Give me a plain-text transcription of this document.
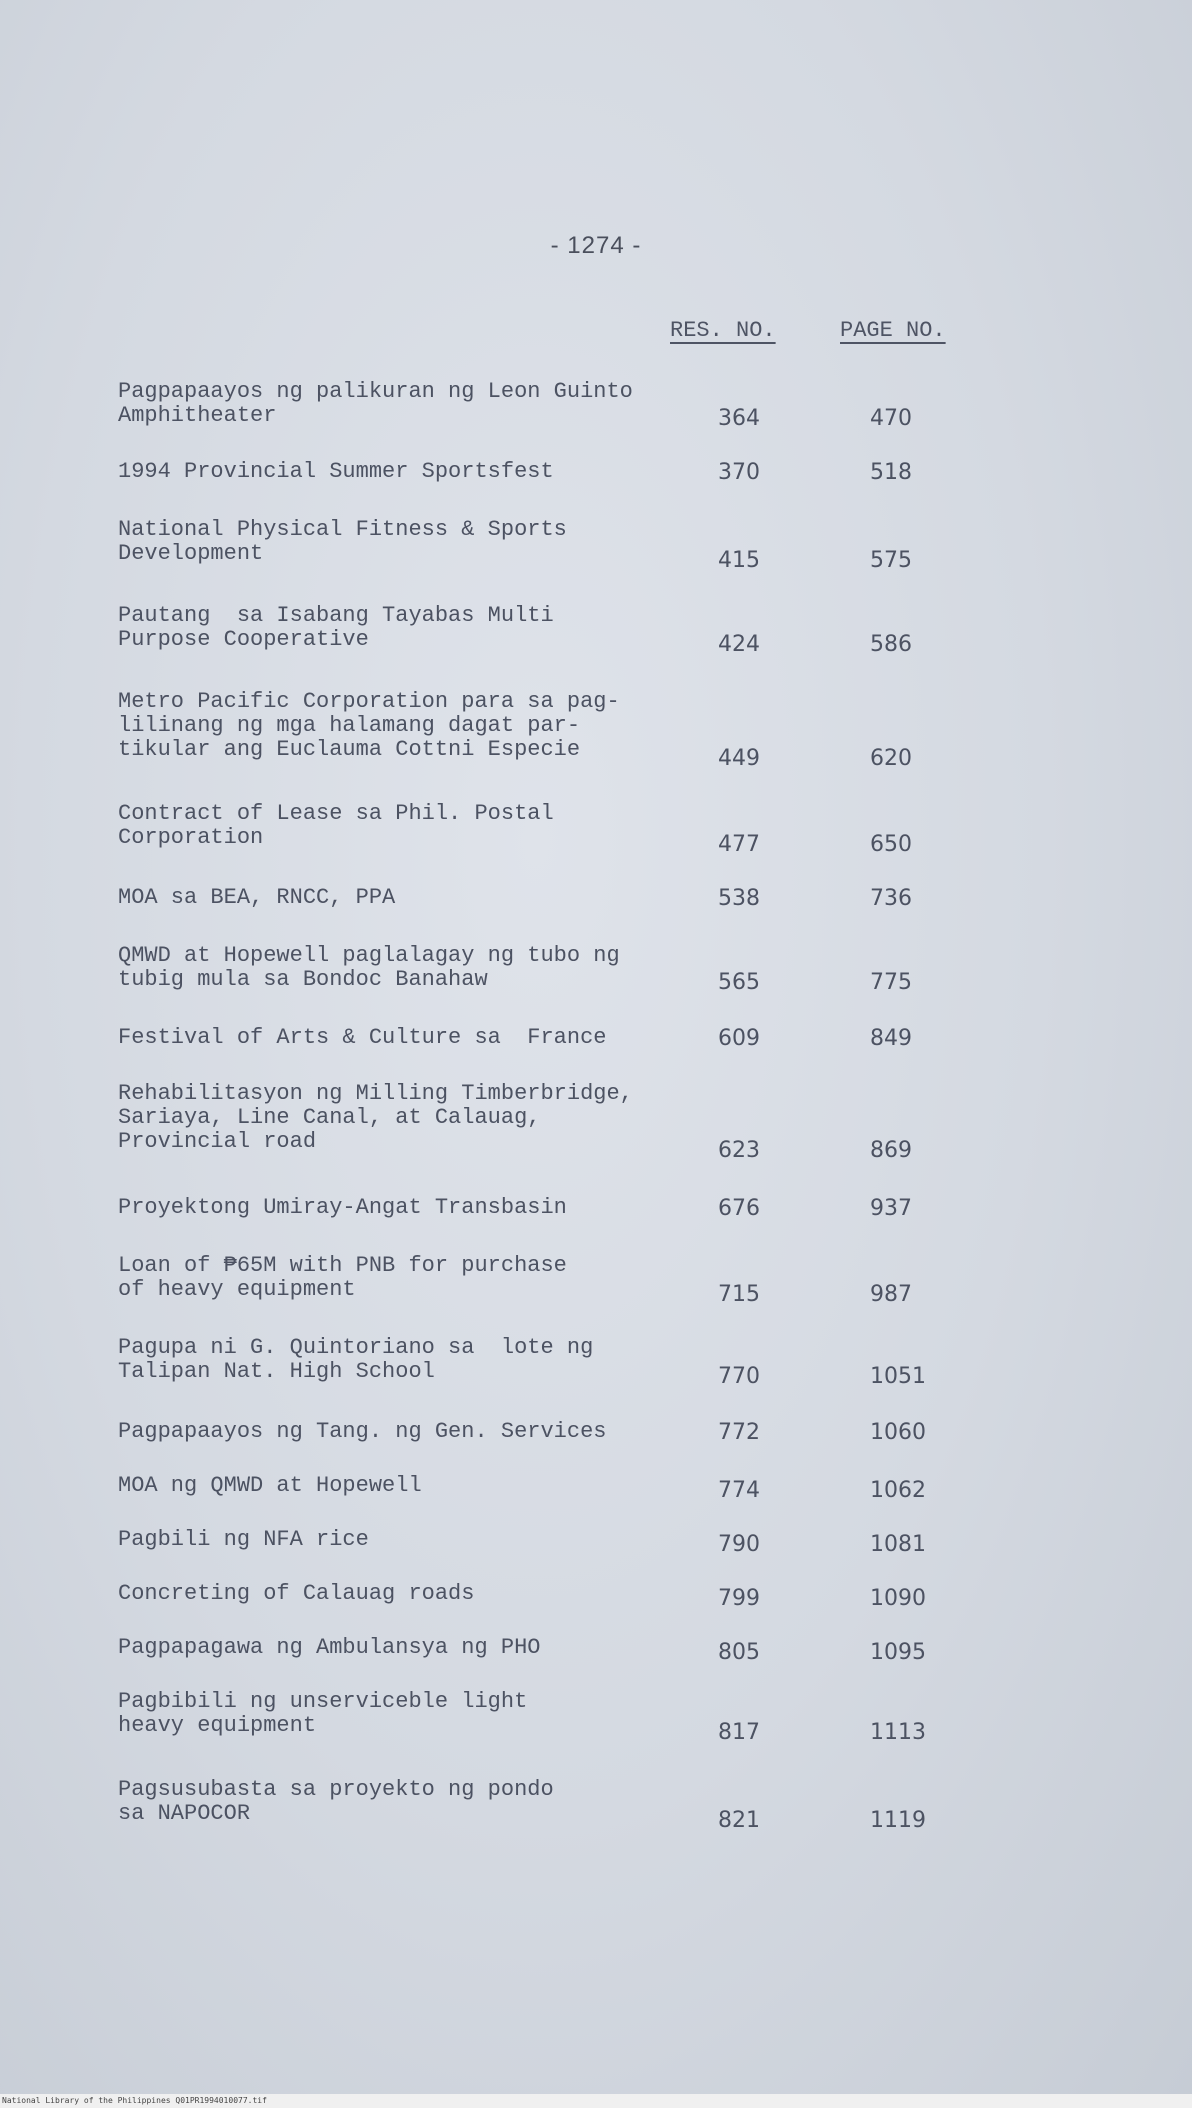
- 1274 -
RES. NO.	PAGE NO.
Pagpapaayos ng palikuran ng Leon Guinto
Amphitheater	364	470
1994 Provincial Summer Sportsfest	370	518
National Physical Fitness & Sports
Development	415	575
Pautang  sa Isabang Tayabas Multi
Purpose Cooperative	424	586
Metro Pacific Corporation para sa pag-
lilinang ng mga halamang dagat par-
tikular ang Euclauma Cottni Especie	449	620
Contract of Lease sa Phil. Postal
Corporation	477	650
MOA sa BEA, RNCC, PPA	538	736
QMWD at Hopewell paglalagay ng tubo ng
tubig mula sa Bondoc Banahaw	565	775
Festival of Arts & Culture sa  France	609	849
Rehabilitasyon ng Milling Timberbridge,
Sariaya, Line Canal, at Calauag,
Provincial road	623	869
Proyektong Umiray-Angat Transbasin	676	937
Loan of ₱65M with PNB for purchase
of heavy equipment	715	987
Pagupa ni G. Quintoriano sa  lote ng
Talipan Nat. High School	770	1051
Pagpapaayos ng Tang. ng Gen. Services	772	1060
MOA ng QMWD at Hopewell	774	1062
Pagbili ng NFA rice	790	1081
Concreting of Calauag roads	799	1090
Pagpapagawa ng Ambulansya ng PHO	805	1095
Pagbibili ng unserviceble light
heavy equipment	817	1113
Pagsusubasta sa proyekto ng pondo
sa NAPOCOR	821	1119
National Library of the Philippines Q01PR1994010077.tif
